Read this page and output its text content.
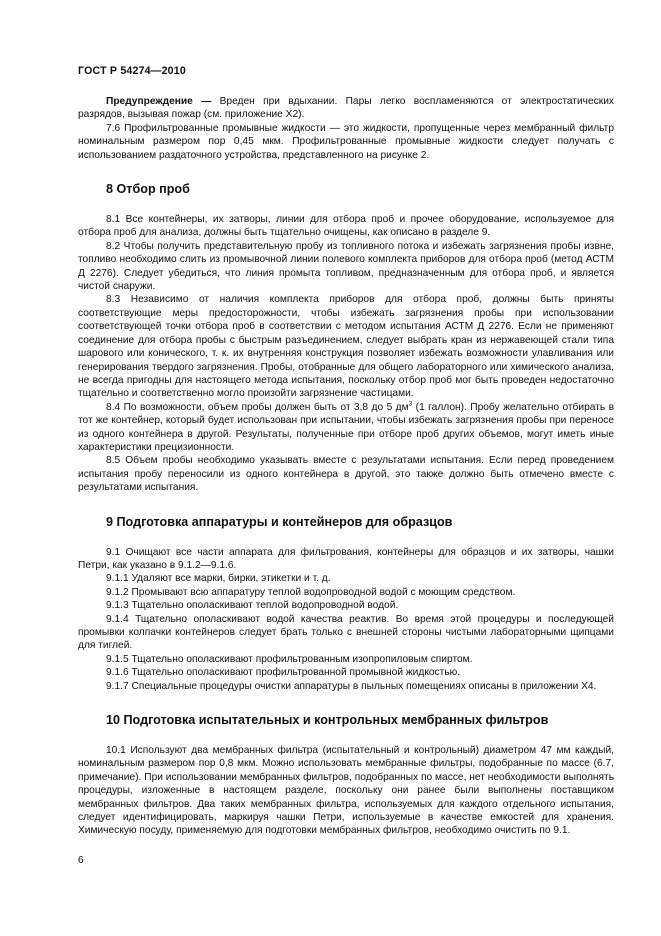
ГОСТ Р 54274—2010

Предупреждение — Вреден при вдыхании. Пары легко воспламеняются от электростатических разрядов, вызывая пожар (см. приложение Х2).

7.6 Профильтрованные промывные жидкости — это жидкости, пропущенные через мембранный фильтр номинальным размером пор 0,45 мкм. Профильтрованные промывные жидкости следует получать с использованием раздаточного устройства, представленного на рисунке 2.

8 Отбор проб

8.1 Все контейнеры, их затворы, линии для отбора проб и прочее оборудование, используемое для отбора проб для анализа, должны быть тщательно очищены, как описано в разделе 9.

8.2 Чтобы получить представительную пробу из топливного потока и избежать загрязнения пробы извне, топливо необходимо слить из промывочной линии полевого комплекта приборов для отбора проб (метод АСТМ Д 2276). Следует убедиться, что линия промыта топливом, предназначенным для отбора проб, и является чистой снаружи.

8.3 Независимо от наличия комплекта приборов для отбора проб, должны быть приняты соответствующие меры предосторожности, чтобы избежать загрязнения пробы при использовании соответствующей точки отбора проб в соответствии с методом испытания АСТМ Д 2276. Если не применяют соединение для отбора пробы с быстрым разъединением, следует выбрать кран из нержавеющей стали типа шарового или конического, т. к. их внутренняя конструкция позволяет избежать возможности улавливания или генерирования твердого загрязнения. Пробы, отобранные для общего лабораторного или химического анализа, не всегда пригодны для настоящего метода испытания, поскольку отбор проб мог быть проведен недостаточно тщательно и соответственно могло произойти загрязнение частицами.

8.4 По возможности, объем пробы должен быть от 3,8 до 5 $дм^3$ (1 галлон). Пробу желательно отбирать в тот же контейнер, который будет использован при испытании, чтобы избежать загрязнения пробы при переносе из одного контейнера в другой. Результаты, полученные при отборе проб других объемов, могут иметь иные характеристики прецизионности.

8.5 Объем пробы необходимо указывать вместе с результатами испытания. Если перед проведением испытания пробу переносили из одного контейнера в другой, это также должно быть отмечено вместе с результатами испытания.

9 Подготовка аппаратуры и контейнеров для образцов

9.1 Очищают все части аппарата для фильтрования, контейнеры для образцов и их затворы, чашки Петри, как указано в 9.1.2—9.1.6.

9.1.1 Удаляют все марки, бирки, этикетки и т. д.

9.1.2 Промывают всю аппаратуру теплой водопроводной водой с моющим средством.

9.1.3 Тщательно ополаскивают теплой водопроводной водой.

9.1.4 Тщательно ополаскивают водой качества реактив. Во время этой процедуры и последующей промывки колпачки контейнеров следует брать только с внешней стороны чистыми лабораторными щипцами для тиглей.

9.1.5 Тщательно ополаскивают профильтрованным изопропиловым спиртом.

9.1.6 Тщательно ополаскивают профильтрованной промывной жидкостью.

9.1.7 Специальные процедуры очистки аппаратуры в пыльных помещениях описаны в приложении Х4.

10 Подготовка испытательных и контрольных мембранных фильтров

10.1 Используют два мембранных фильтра (испытательный и контрольный) диаметром 47 мм каждый, номинальным размером пор 0,8 мкм. Можно использовать мембранные фильтры, подобранные по массе (6.7, примечание). При использовании мембранных фильтров, подобранных по массе, нет необходимости выполнять процедуры, изложенные в настоящем разделе, поскольку они ранее были выполнены поставщиком мембранных фильтров. Два таких мембранных фильтра, используемых для каждого отдельного испытания, следует идентифицировать, маркируя чашки Петри, используемые в качестве емкостей для хранения. Химическую посуду, применяемую для подготовки мембранных фильтров, необходимо очистить по 9.1.

6
